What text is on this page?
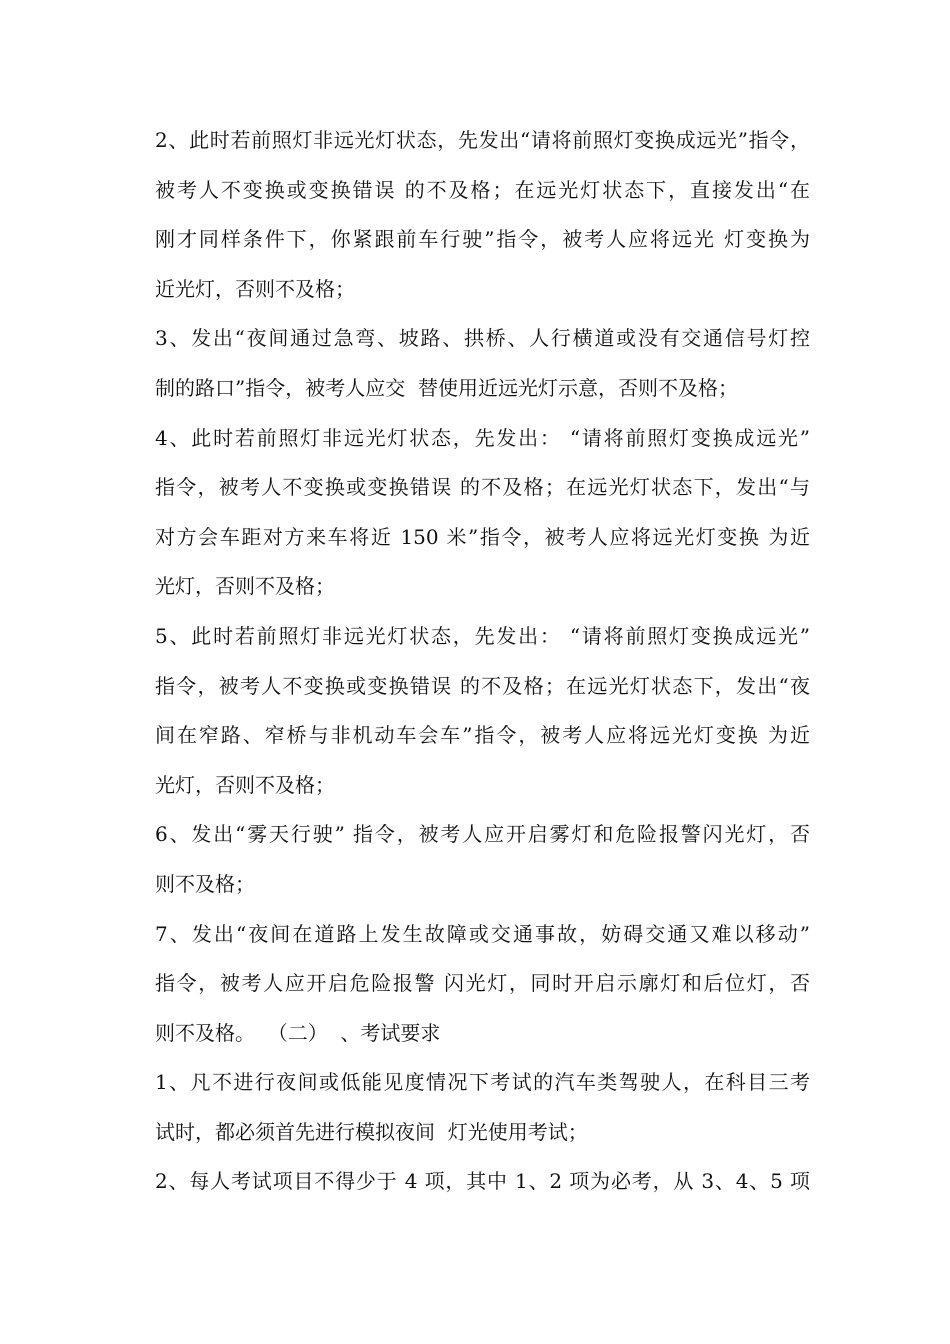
2、此时若前照灯非远光灯状态，先发出“请将前照灯变换成远光”指令，
被考人不变换或变换错误 的不及格；在远光灯状态下，直接发出“在
刚才同样条件下，你紧跟前车行驶”指令，被考人应将远光 灯变换为
近光灯，否则不及格；
3、发出“夜间通过急弯、坡路、拱桥、人行横道或没有交通信号灯控
制的路口”指令，被考人应交  替使用近远光灯示意，否则不及格；
4、此时若前照灯非远光灯状态，先发出： “请将前照灯变换成远光”
指令，被考人不变换或变换错误 的不及格；在远光灯状态下，发出“与
对方会车距对方来车将近 150 米”指令，被考人应将远光灯变换 为近
光灯，否则不及格；
5、此时若前照灯非远光灯状态，先发出： “请将前照灯变换成远光”
指令，被考人不变换或变换错误 的不及格；在远光灯状态下，发出“夜
间在窄路、窄桥与非机动车会车”指令，被考人应将远光灯变换 为近
光灯，否则不及格；
6、发出“雾天行驶” 指令，被考人应开启雾灯和危险报警闪光灯，否
则不及格；
7、发出“夜间在道路上发生故障或交通事故，妨碍交通又难以移动”
指令，被考人应开启危险报警 闪光灯，同时开启示廓灯和后位灯，否
则不及格。  （二）  、考试要求
1、凡不进行夜间或低能见度情况下考试的汽车类驾驶人，在科目三考
试时，都必须首先进行模拟夜间  灯光使用考试；
2、每人考试项目不得少于 4 项，其中 1、2 项为必考，从 3、4、5 项
